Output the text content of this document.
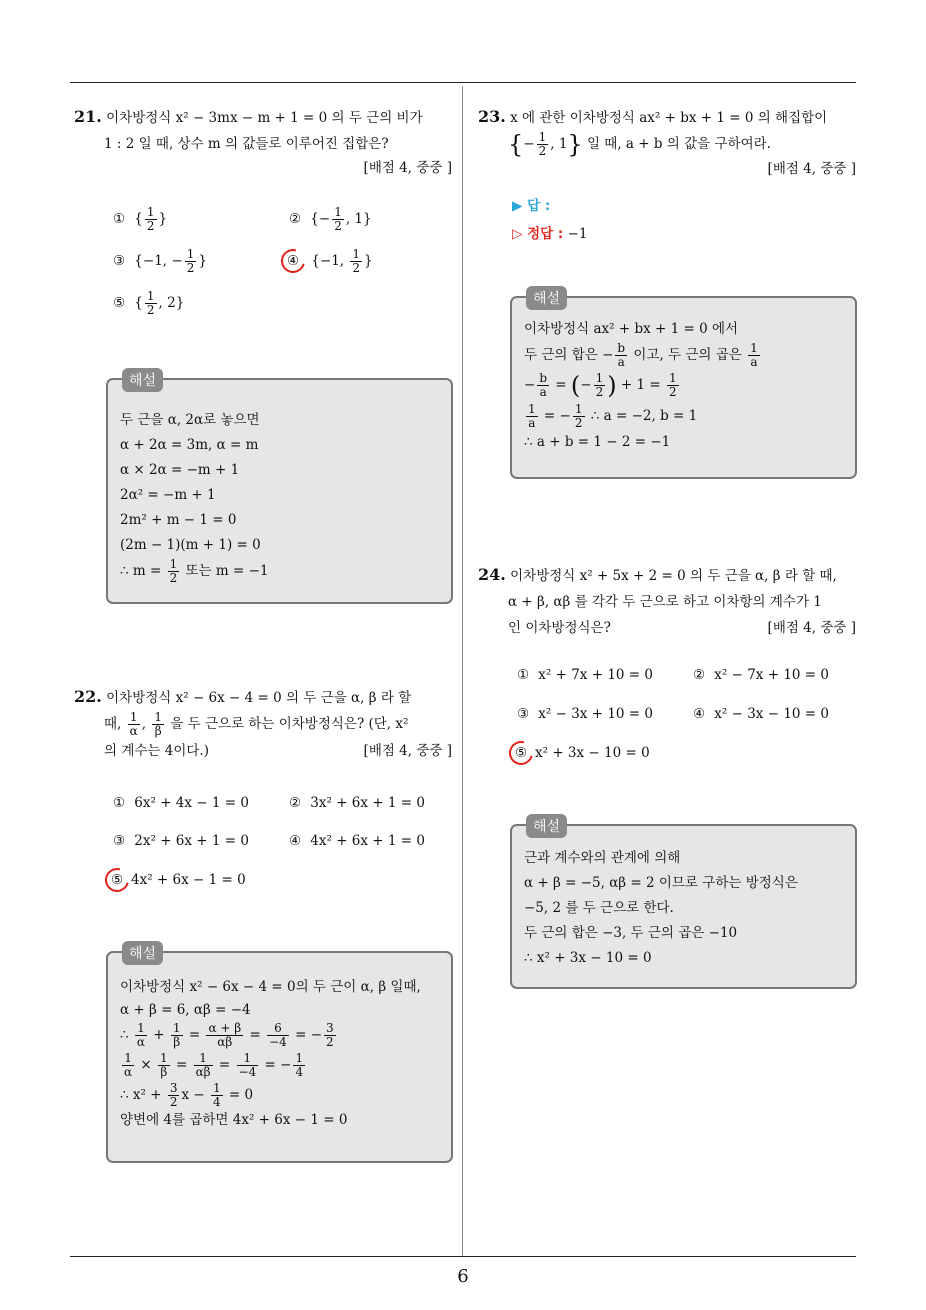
21. 이차방정식 x² − 3mx − m + 1 = 0 의 두 근의 비가
1 : 2 일 때, 상수 m 의 값들로 이루어진 집합은?
[배점 4, 중중 ]
① { $\frac{1}{2}$ }	② {− $\frac{1}{2}$ , 1}
③ {−1, − $\frac{1}{2}$ }	④ {−1, $\frac{1}{2}$ }
⑤ { $\frac{1}{2}$ , 2}
해설
두 근을 α, 2α로 놓으면
α + 2α = 3m, α = m
α × 2α = −m + 1
2α² = −m + 1
2m² + m − 1 = 0
(2m − 1)(m + 1) = 0
∴ $m = \frac{1}{2}$ 또는 m = −1
22. 이차방정식 x² − 6x − 4 = 0 의 두 근을 α, β 라 할
때, $\frac{1}{\alpha}$ , $\frac{1}{\beta}$ 을 두 근으로 하는 이차방정식은? (단, x²
의 계수는 4이다.)	[배점 4, 중중 ]
① 6x² + 4x − 1 = 0	② 3x² + 6x + 1 = 0
③ 2x² + 6x + 1 = 0	④ 4x² + 6x + 1 = 0
⑤ 4x² + 6x − 1 = 0
해설
이차방정식 x² − 6x − 4 = 0의 두 근이 α, β 일때,
α + β = 6, αβ = −4
∴ $\frac{1}{\alpha} + \frac{1}{\beta} = \frac{\alpha + \beta}{\alpha\beta} = \frac{6}{-4}$ = − $\frac{3}{2}$
$\frac{1}{\alpha} \times \frac{1}{\beta} = \frac{1}{\alpha\beta} = \frac{1}{-4}$ = − $\frac{1}{4}$
∴ $x^2 + \frac{3}{2}$ $x - \frac{1}{4} = 0$
양변에 4를 곱하면 4x² + 6x − 1 = 0
23. x 에 관한 이차방정식 ax² + bx + 1 = 0 의 해집합이
{− $\frac{1}{2}$ , 1} 일 때, a + b 의 값을 구하여라.
[배점 4, 중중 ]
▶ 답 :
▷ 정답 : −1
해설
이차방정식 ax² + bx + 1 = 0 에서
두 근의 합은 − $\frac{b}{a}$ 이고, 두 근의 곱은 $\frac{1}{a}$
− $\frac{b}{a}$ = (− $\frac{1}{2}$ ) + $1 = \frac{1}{2}$
$\frac{1}{a}$ = − $\frac{1}{2}$ ∴ a = −2, b = 1
∴ a + b = 1 − 2 = −1
24. 이차방정식 x² + 5x + 2 = 0 의 두 근을 α, β 라 할 때,
α + β, αβ 를 각각 두 근으로 하고 이차항의 계수가 1
인 이차방정식은?	[배점 4, 중중 ]
① x² + 7x + 10 = 0	② x² − 7x + 10 = 0
③ x² − 3x + 10 = 0	④ x² − 3x − 10 = 0
⑤ x² + 3x − 10 = 0
해설
근과 계수와의 관계에 의해
α + β = −5, αβ = 2 이므로 구하는 방정식은
−5, 2 를 두 근으로 한다.
두 근의 합은 −3, 두 근의 곱은 −10
∴ x² + 3x − 10 = 0
6
